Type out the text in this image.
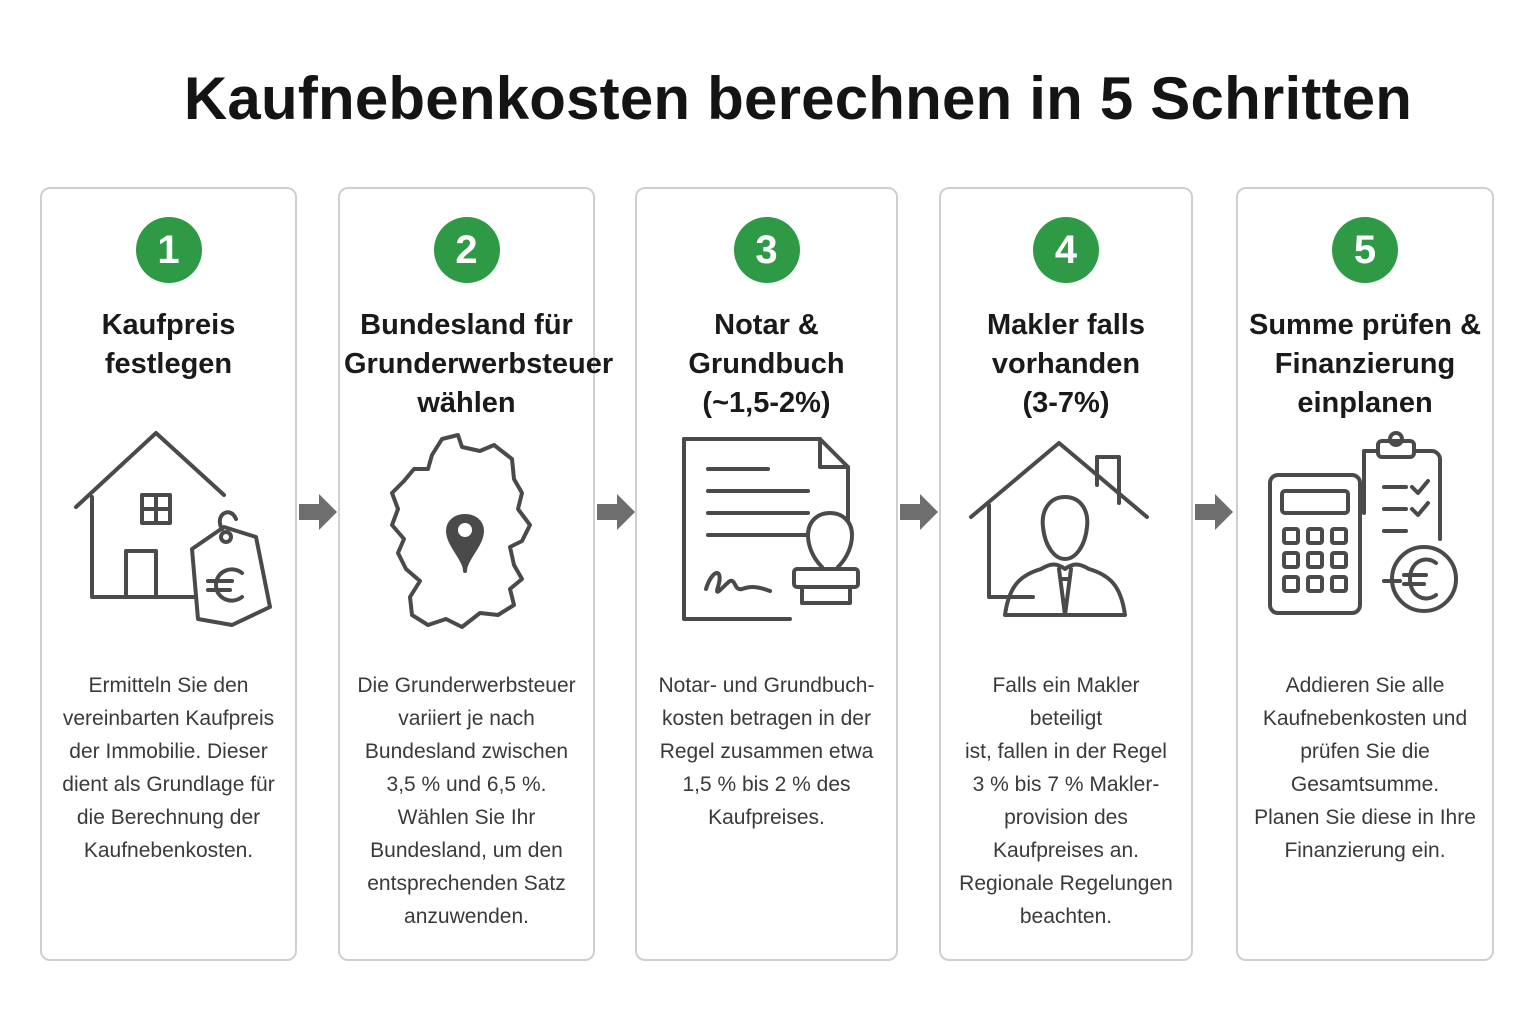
Kaufnebenkosten berechnen in 5 Schritten
1
Kaufpreis
festlegen
Ermitteln Sie den
vereinbarten Kaufpreis
der Immobilie. Dieser
dient als Grundlage für
die Berechnung der
Kaufnebenkosten.
2
Bundesland für
Grunderwerbsteuer
wählen
Die Grunderwerbsteuer
variiert je nach
Bundesland zwischen
3,5 % und 6,5 %.
Wählen Sie Ihr
Bundesland, um den
entsprechenden Satz
anzuwenden.
3
Notar &
Grundbuch
(~1,5-2%)
Notar- und Grundbuch-
kosten betragen in der
Regel zusammen etwa
1,5 % bis 2 % des
Kaufpreises.
4
Makler falls
vorhanden
(3-7%)
Falls ein Makler beteiligt
ist, fallen in der Regel
3 % bis 7 % Makler-
provision des
Kaufpreises an.
Regionale Regelungen
beachten.
5
Summe prüfen &
Finanzierung
einplanen
Addieren Sie alle
Kaufnebenkosten und
prüfen Sie die
Gesamtsumme.
Planen Sie diese in Ihre
Finanzierung ein.
